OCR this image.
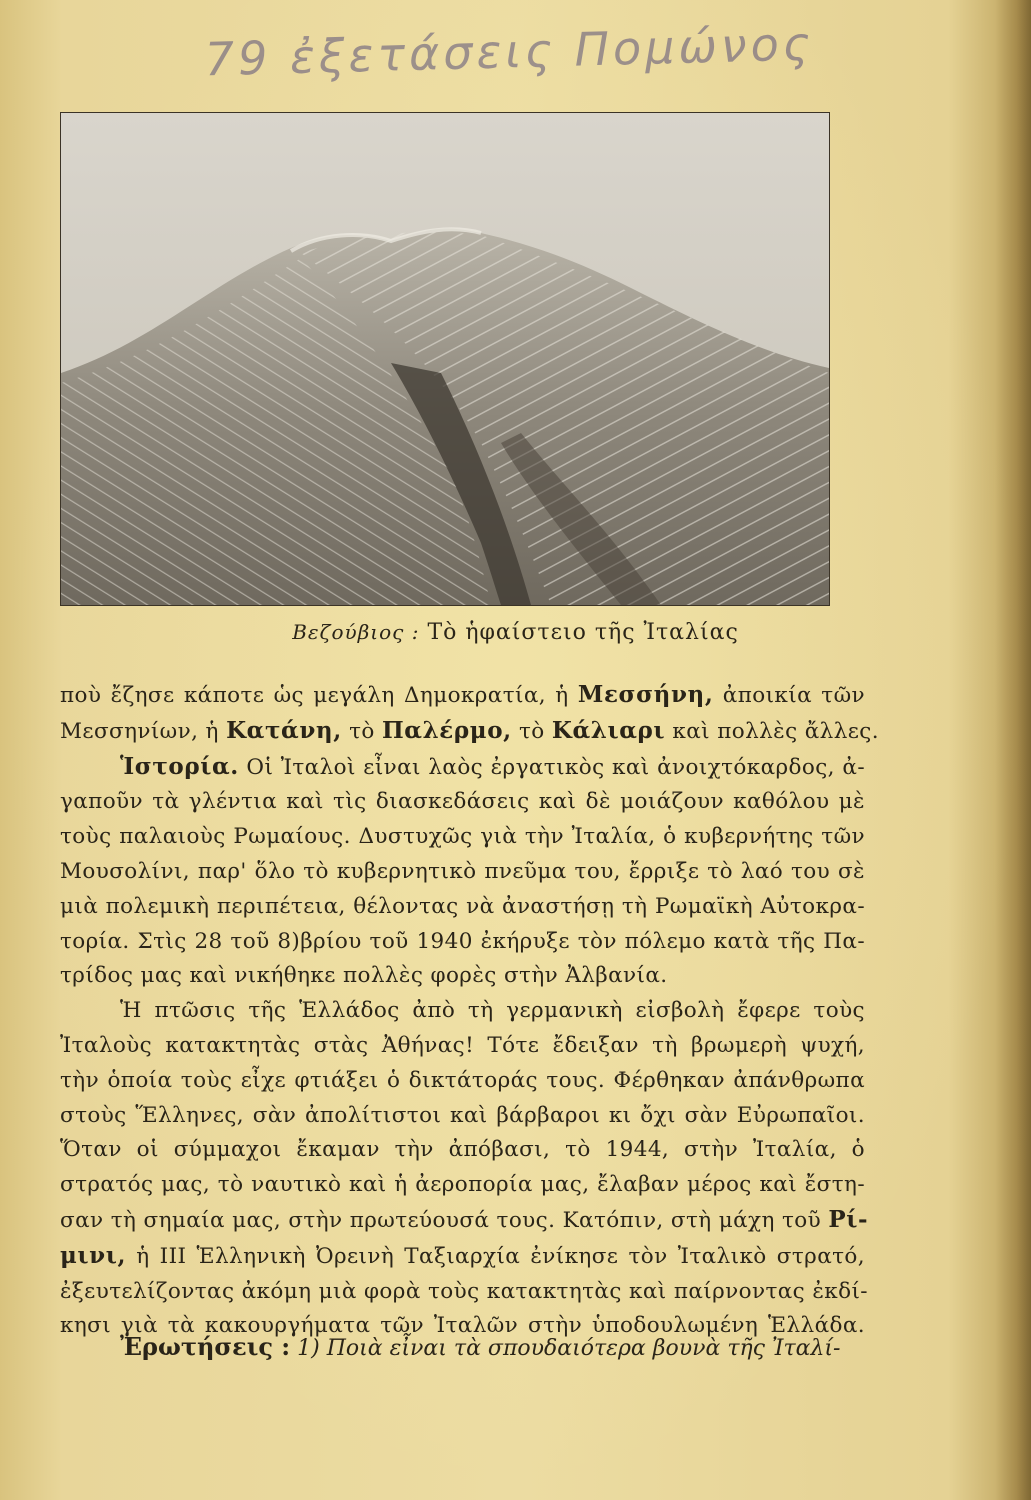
79 ἐξετάσεις Πομώνος
Βεζούβιος : Τὸ ἡφαίστειο τῆς Ἰταλίας

ποὺ ἔζησε κάποτε ὡς μεγάλη Δημοκρατία, ἡ Μεσσήνη, ἀποικία τῶν
Μεσσηνίων, ἡ Κατάνη, τὸ Παλέρμο, τὸ Κάλιαρι καὶ πολλὲς ἄλλες.

Ἱστορία. Οἱ Ἰταλοὶ εἶναι λαὸς ἐργατικὸς καὶ ἀνοιχτόκαρδος, ἀ-
γαποῦν τὰ γλέντια καὶ τὶς διασκεδάσεις καὶ δὲ μοιάζουν καθόλου μὲ
τοὺς παλαιοὺς Ρωμαίους. Δυστυχῶς γιὰ τὴν Ἰταλία, ὁ κυβερνήτης τῶν
Μουσολίνι, παρ' ὅλο τὸ κυβερνητικὸ πνεῦμα του, ἔρριξε τὸ λαό του σὲ
μιὰ πολεμικὴ περιπέτεια, θέλοντας νὰ ἀναστήσῃ τὴ Ρωμαϊκὴ Αὐτοκρα-
τορία. Στὶς 28 τοῦ 8)βρίου τοῦ 1940 ἐκήρυξε τὸν πόλεμο κατὰ τῆς Πα-
τρίδος μας καὶ νικήθηκε πολλὲς φορὲς στὴν Ἀλβανία.

Ἡ πτῶσις τῆς Ἑλλάδος ἀπὸ τὴ γερμανικὴ εἰσβολὴ ἔφερε τοὺς
Ἰταλοὺς κατακτητὰς στὰς Ἀθήνας! Τότε ἔδειξαν τὴ βρωμερὴ ψυχή,
τὴν ὁποία τοὺς εἶχε φτιάξει ὁ δικτάτοράς τους. Φέρθηκαν ἀπάνθρωπα
στοὺς Ἕλληνες, σὰν ἀπολίτιστοι καὶ βάρβαροι κι ὄχι σὰν Εὐρωπαῖοι.
Ὅταν οἱ σύμμαχοι ἔκαμαν τὴν ἀπόβασι, τὸ 1944, στὴν Ἰταλία, ὁ
στρατός μας, τὸ ναυτικὸ καὶ ἡ ἀεροπορία μας, ἔλαβαν μέρος καὶ ἔστη-
σαν τὴ σημαία μας, στὴν πρωτεύουσά τους. Κατόπιν, στὴ μάχη τοῦ Ρί-
μινι, ἡ ΙΙΙ Ἑλληνικὴ Ὀρεινὴ Ταξιαρχία ἐνίκησε τὸν Ἰταλικὸ στρατό,
ἐξευτελίζοντας ἀκόμη μιὰ φορὰ τοὺς κατακτητὰς καὶ παίρνοντας ἐκδί-
κησι γιὰ τὰ κακουργήματα τῶν Ἰταλῶν στὴν ὑποδουλωμένη Ἑλλάδα.

Ἐρωτήσεις : 1) Ποιὰ εἶναι τὰ σπουδαιότερα βουνὰ τῆς Ἰταλί-
